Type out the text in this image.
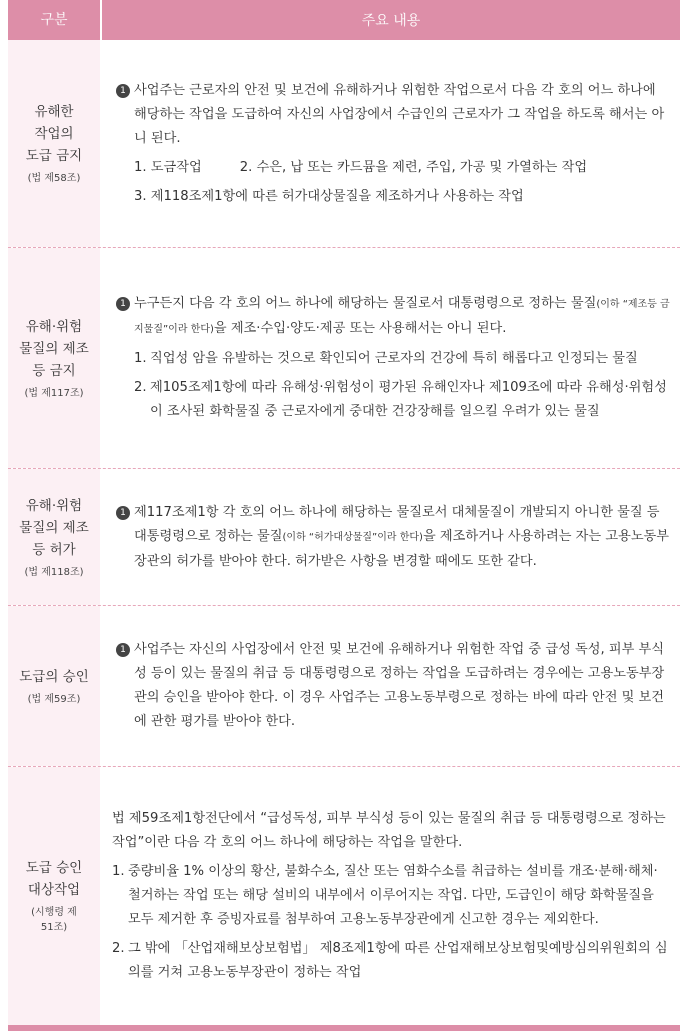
구분	주요 내용
유해한
작업의
도급 금지
(법 제58조)
1 사업주는 근로자의 안전 및 보건에 유해하거나 위험한 작업으로서 다음 각 호의 어느 하나에 해당하는 작업을 도급하여 자신의 사업장에서 수급인의 근로자가 그 작업을 하도록 해서는 아니 된다.
1. 도금작업	2. 수은, 납 또는 카드뮴을 제련, 주입, 가공 및 가열하는 작업
3. 제118조제1항에 따른 허가대상물질을 제조하거나 사용하는 작업
유해·위험
물질의 제조
등 금지
(법 제117조)
1 누구든지 다음 각 호의 어느 하나에 해당하는 물질로서 대통령령으로 정하는 물질(이하 “제조등 금지물질”이라 한다)을 제조·수입·양도·제공 또는 사용해서는 아니 된다.
1. 직업성 암을 유발하는 것으로 확인되어 근로자의 건강에 특히 해롭다고 인정되는 물질
2. 제105조제1항에 따라 유해성·위험성이 평가된 유해인자나 제109조에 따라 유해성·위험성이 조사된 화학물질 중 근로자에게 중대한 건강장해를 일으킬 우려가 있는 물질
유해·위험
물질의 제조
등 허가
(법 제118조)
1 제117조제1항 각 호의 어느 하나에 해당하는 물질로서 대체물질이 개발되지 아니한 물질 등 대통령령으로 정하는 물질(이하 “허가대상물질”이라 한다)을 제조하거나 사용하려는 자는 고용노동부장관의 허가를 받아야 한다. 허가받은 사항을 변경할 때에도 또한 같다.
도급의 승인
(법 제59조)
1 사업주는 자신의 사업장에서 안전 및 보건에 유해하거나 위험한 작업 중 급성 독성, 피부 부식성 등이 있는 물질의 취급 등 대통령령으로 정하는 작업을 도급하려는 경우에는 고용노동부장관의 승인을 받아야 한다. 이 경우 사업주는 고용노동부령으로 정하는 바에 따라 안전 및 보건에 관한 평가를 받아야 한다.
도급 승인
대상작업
(시행령 제51조)
법 제59조제1항전단에서 “급성독성, 피부 부식성 등이 있는 물질의 취급 등 대통령령으로 정하는 작업”이란 다음 각 호의 어느 하나에 해당하는 작업을 말한다.
1. 중량비율 1% 이상의 황산, 불화수소, 질산 또는 염화수소를 취급하는 설비를 개조·분해·해체·철거하는 작업 또는 해당 설비의 내부에서 이루어지는 작업. 다만, 도급인이 해당 화학물질을 모두 제거한 후 증빙자료를 첨부하여 고용노동부장관에게 신고한 경우는 제외한다.
2. 그 밖에 「산업재해보상보험법」 제8조제1항에 따른 산업재해보상보험및예방심의위원회의 심의를 거쳐 고용노동부장관이 정하는 작업
